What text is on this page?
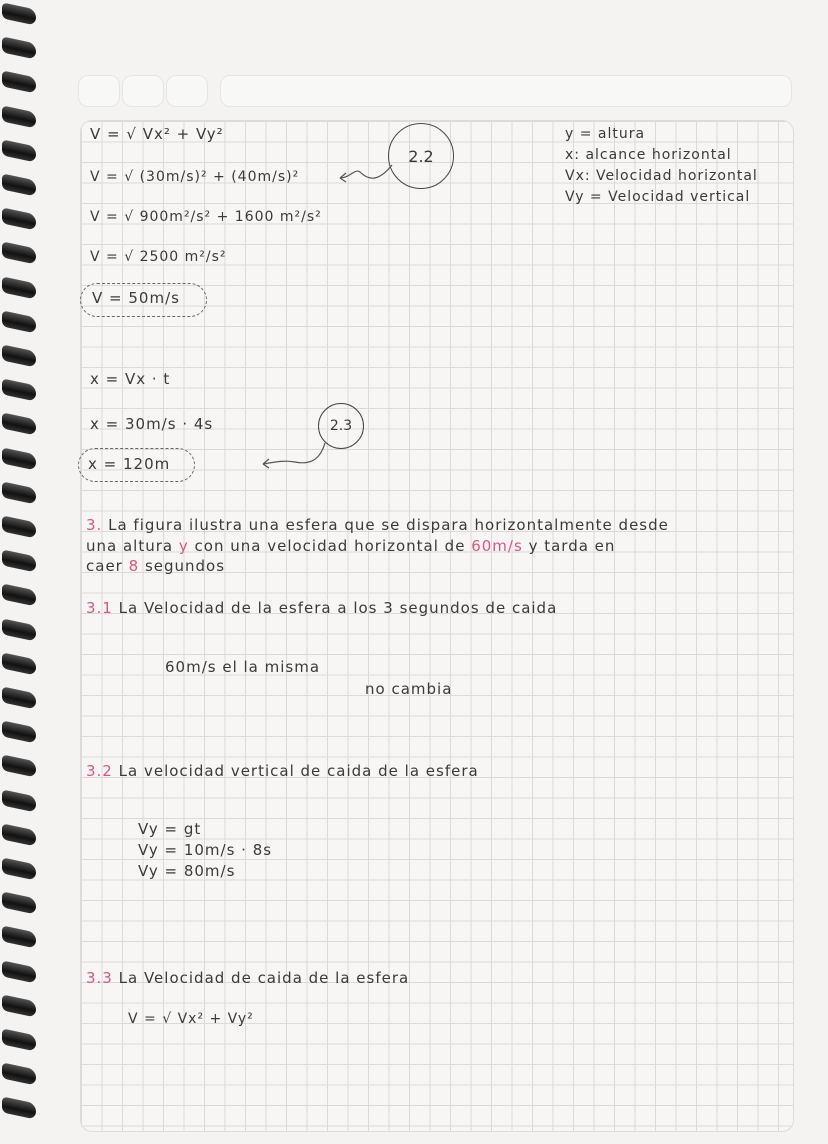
V = √ Vx² + Vy²
V = √ (30m/s)² + (40m/s)²
V = √ 900m²/s² + 1600 m²/s²
V = √ 2500 m²/s²
V = 50m/s
2.2
y = altura
x: alcance horizontal
Vx: Velocidad horizontal
Vy = Velocidad vertical
x = Vx · t
x = 30m/s · 4s
x = 120m
2.3
3. La figura ilustra una esfera que se dispara horizontalmente desde
una altura y con una velocidad horizontal de 60m/s y tarda en
caer 8 segundos
3.1 La Velocidad de la esfera a los 3 segundos de caida
60m/s el la misma
no cambia
3.2 La velocidad vertical de caida de la esfera
Vy = gt
Vy = 10m/s · 8s
Vy = 80m/s
3.3 La Velocidad de caida de la esfera
V = √ Vx² + Vy²
